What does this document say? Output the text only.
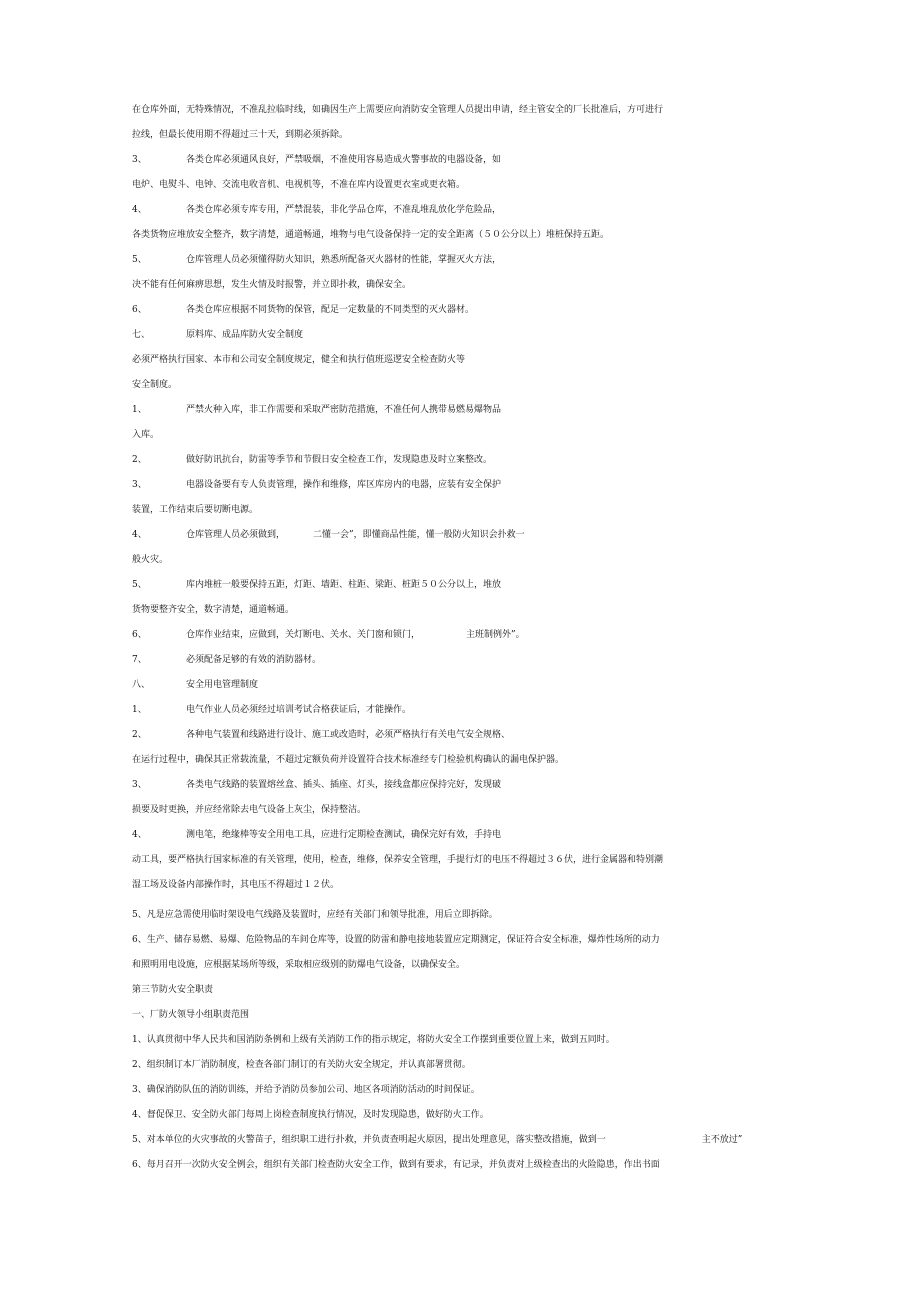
在仓库外面，无特殊情况，不准乱拉临时线，如确因生产上需要应向消防安全管理人员提出申请，经主管安全的厂长批准后，方可进行
拉线，但最长使用期不得超过三十天，到期必须拆除。
3、	各类仓库必须通风良好，严禁吸烟，不准使用容易造成火警事故的电器设备，如
电炉、电熨斗、电钟、交流电收音机、电视机等，不准在库内设置更衣室或更衣箱。
4、	各类仓库必须专库专用，严禁混装，非化学品仓库，不准乱堆乱放化学危险品，
各类货物应堆放安全整齐，数字清楚，通道畅通，堆物与电气设备保持一定的安全距离（５０公分以上）堆桩保持五距。
5、	仓库管理人员必须懂得防火知识，熟悉所配备灭火器材的性能，掌握灭火方法，
决不能有任何麻痹思想，发生火情及时报警，并立即扑救，确保安全。
6、	各类仓库应根据不同货物的保管，配足一定数量的不同类型的灭火器材。
七、	原料库、成品库防火安全制度
必须严格执行国家、本市和公司安全制度规定，健全和执行值班巡逻安全检查防火等
安全制度。
1、	严禁火种入库，非工作需要和采取严密防范措施，不准任何人携带易燃易爆物品
入库。
2、	做好防讯抗台，防雷等季节和节假日安全检查工作，发现隐患及时立案整改。
3、	电器设备要有专人负责管理，操作和维修，库区库房内的电器，应装有安全保护
装置，工作结束后要切断电源。
4、	仓库管理人员必须做到，	二懂一会”，即懂商品性能，懂一般防火知识会扑救一
般火灾。
5、	库内堆桩一般要保持五距，灯距、墙距、柱距、梁距、桩距５０公分以上，堆放
货物要整齐安全，数字清楚，通道畅通。
6、	仓库作业结束，应做到，关灯断电、关水、关门窗和锁门，	主班制例外”。
7、	必须配备足够的有效的消防器材。
八、	安全用电管理制度
1、	电气作业人员必须经过培训考试合格获证后，才能操作。
2、	各种电气装置和线路进行设计、施工或改造时，必须严格执行有关电气安全规格、
在运行过程中，确保其正常载流量，不超过定额负荷并设置符合技术标准经专门检验机构确认的漏电保护器。
3、	各类电气线路的装置熔丝盒、插头、插座、灯头，接线盒都应保持完好，发现破
损要及时更换，并应经常除去电气设备上灰尘，保持整洁。
4、	测电笔，绝缘棒等安全用电工具，应进行定期检查测试，确保完好有效，手持电
动工具，要严格执行国家标准的有关管理，使用，检查，维修，保养安全管理，手提行灯的电压不得超过３６伏，进行金属器和特别潮
湿工场及设备内部操作时，其电压不得超过１２伏。
5、凡是应急需使用临时架设电气线路及装置时，应经有关部门和领导批准，用后立即拆除。
6、生产、储存易燃、易爆、危险物品的车间仓库等，设置的防雷和静电接地装置应定期测定，保证符合安全标准，爆炸性场所的动力
和照明用电设施，应根据某场所等级，采取相应级别的防爆电气设备，以确保安全。
第三节防火安全职责
一、厂防火领导小组职责范围
1、认真贯彻中华人民共和国消防条例和上级有关消防工作的指示规定，将防火安全工作摆到重要位置上来，做到五同时。
2、组织制订本厂消防制度，检查各部门制订的有关防火安全规定，并认真部署贯彻。
3、确保消防队伍的消防训练，并给予消防员参加公司、地区各项消防活动的时间保证。
4、督促保卫、安全防火部门每周上岗检查制度执行情况，及时发现隐患，做好防火工作。
5、对本单位的火灾事故的火警苗子，组织职工进行扑救，并负责查明起火原因，提出处理意见，落实整改措施，做到一	主不放过”
6、每月召开一次防火安全例会，组织有关部门检查防火安全工作，做到有要求，有记录，并负责对上级检查出的火险隐患，作出书面
